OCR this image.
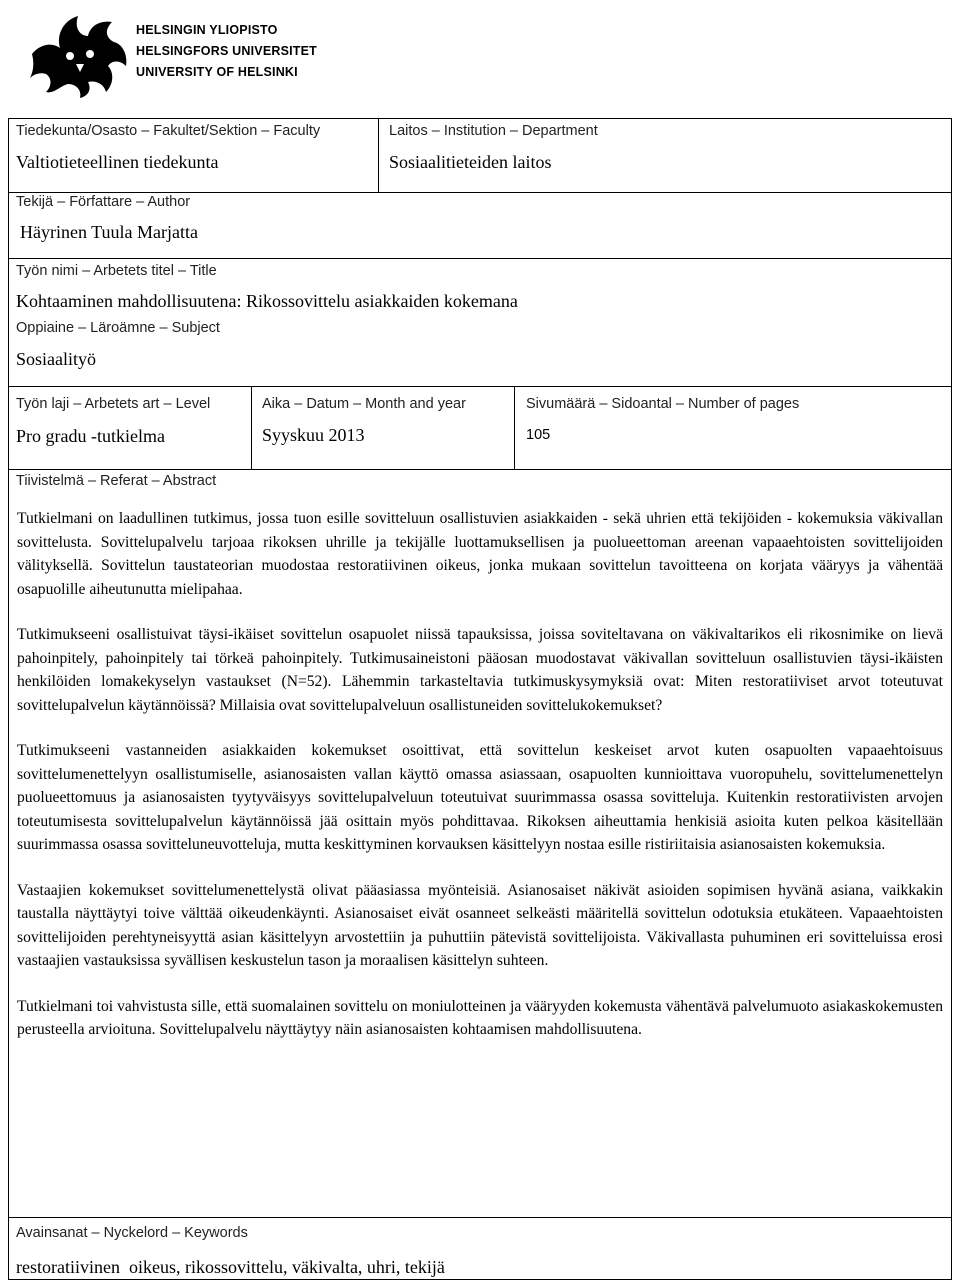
HELSINGIN YLIOPISTO
HELSINGFORS UNIVERSITET
UNIVERSITY OF HELSINKI
Tiedekunta/Osasto – Fakultet/Sektion – Faculty
Valtiotieteellinen tiedekunta
Laitos – Institution – Department
Sosiaalitieteiden laitos
Tekijä – Författare – Author
Häyrinen Tuula Marjatta
Työn nimi – Arbetets titel – Title
Kohtaaminen mahdollisuutena: Rikossovittelu asiakkaiden kokemana
Oppiaine – Läroämne – Subject
Sosiaalityö
Työn laji – Arbetets art – Level
Pro gradu -tutkielma
Aika – Datum – Month and year
Syyskuu 2013
Sivumäärä – Sidoantal – Number of pages
105
Tiivistelmä – Referat – Abstract

Tutkielmani on laadullinen tutkimus, jossa tuon esille sovitteluun osallistuvien asiakkaiden - sekä uhrien että tekijöiden - kokemuksia väkivallan sovittelusta. Sovittelupalvelu tarjoaa rikoksen uhrille ja tekijälle luottamuksellisen ja puolueettoman areenan vapaaehtoisten sovittelijoiden välityksellä. Sovittelun taustateorian muodostaa restoratiivinen oikeus, jonka mukaan sovittelun tavoitteena on korjata vääryys ja vähentää osapuolille aiheutunutta mielipahaa.

Tutkimukseeni osallistuivat täysi-ikäiset sovittelun osapuolet niissä tapauksissa, joissa soviteltavana on väkivaltarikos eli rikosnimike on lievä pahoinpitely, pahoinpitely tai törkeä pahoinpitely. Tutkimusaineistoni pääosan muodostavat väkivallan sovitteluun osallistuvien täysi-ikäisten henkilöiden lomakekyselyn vastaukset (N=52). Lähemmin tarkasteltavia tutkimuskysymyksiä ovat: Miten restoratiiviset arvot toteutuvat sovittelupalvelun käytännöissä? Millaisia ovat sovittelupalveluun osallistuneiden sovittelukokemukset?

Tutkimukseeni vastanneiden asiakkaiden kokemukset osoittivat, että sovittelun keskeiset arvot kuten osapuolten vapaaehtoisuus sovittelumenettelyyn osallistumiselle, asianosaisten vallan käyttö omassa asiassaan, osapuolten kunnioittava vuoropuhelu, sovittelumenettelyn puolueettomuus ja asianosaisten tyytyväisyys sovittelupalveluun toteutuivat suurimmassa osassa sovitteluja. Kuitenkin restoratiivisten arvojen toteutumisesta sovittelupalvelun käytännöissä jää osittain myös pohdittavaa. Rikoksen aiheuttamia henkisiä asioita kuten pelkoa käsitellään suurimmassa osassa sovitteluneuvotteluja, mutta keskittyminen korvauksen käsittelyyn nostaa esille ristiriitaisia asianosaisten kokemuksia.

Vastaajien kokemukset sovittelumenettelystä olivat pääasiassa myönteisiä. Asianosaiset näkivät asioiden sopimisen hyvänä asiana, vaikkakin taustalla näyttäytyi toive välttää oikeudenkäynti. Asianosaiset eivät osanneet selkeästi määritellä sovittelun odotuksia etukäteen. Vapaaehtoisten sovittelijoiden perehtyneisyyttä asian käsittelyyn arvostettiin ja puhuttiin pätevistä sovittelijoista. Väkivallasta puhuminen eri sovitteluissa erosi vastaajien vastauksissa syvällisen keskustelun tason ja moraalisen käsittelyn suhteen.

Tutkielmani toi vahvistusta sille, että suomalainen sovittelu on moniulotteinen ja vääryyden kokemusta vähentävä palvelumuoto asiakaskokemusten perusteella arvioituna. Sovittelupalvelu näyttäytyy näin asianosaisten kohtaamisen mahdollisuutena.

Avainsanat – Nyckelord – Keywords
restoratiivinen  oikeus, rikossovittelu, väkivalta, uhri, tekijä
